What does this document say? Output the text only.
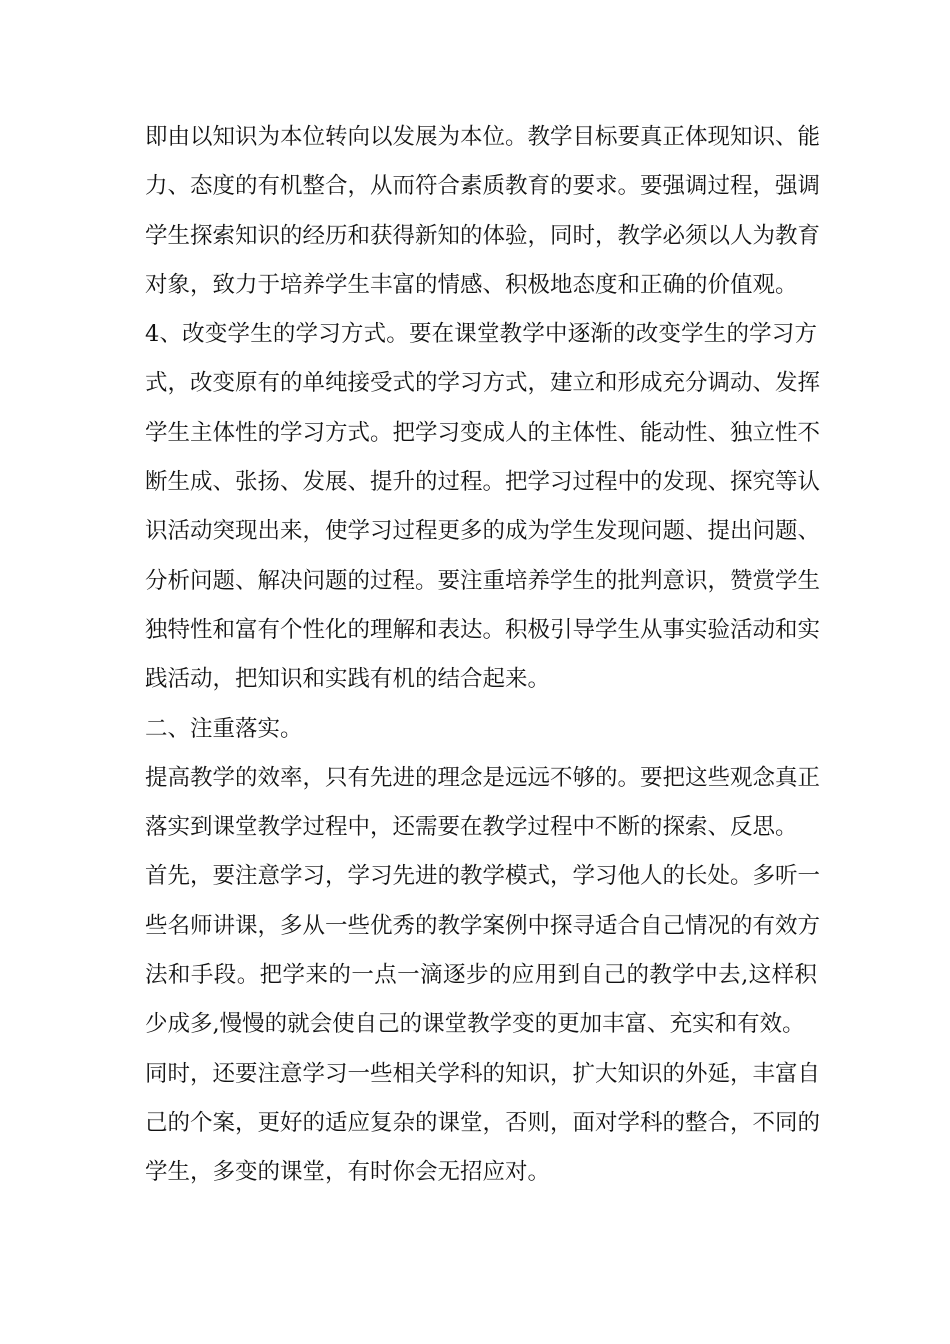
即由以知识为本位转向以发展为本位。教学目标要真正体现知识、能
力、态度的有机整合，从而符合素质教育的要求。要强调过程，强调
学生探索知识的经历和获得新知的体验，同时，教学必须以人为教育
对象，致力于培养学生丰富的情感、积极地态度和正确的价值观。
4、改变学生的学习方式。要在课堂教学中逐渐的改变学生的学习方
式，改变原有的单纯接受式的学习方式，建立和形成充分调动、发挥
学生主体性的学习方式。把学习变成人的主体性、能动性、独立性不
断生成、张扬、发展、提升的过程。把学习过程中的发现、探究等认
识活动突现出来，使学习过程更多的成为学生发现问题、提出问题、
分析问题、解决问题的过程。要注重培养学生的批判意识，赞赏学生
独特性和富有个性化的理解和表达。积极引导学生从事实验活动和实
践活动，把知识和实践有机的结合起来。
二、注重落实。
提高教学的效率，只有先进的理念是远远不够的。要把这些观念真正
落实到课堂教学过程中，还需要在教学过程中不断的探索、反思。
首先，要注意学习，学习先进的教学模式，学习他人的长处。多听一
些名师讲课，多从一些优秀的教学案例中探寻适合自己情况的有效方
法和手段。把学来的一点一滴逐步的应用到自己的教学中去,这样积
少成多,慢慢的就会使自己的课堂教学变的更加丰富、充实和有效。
同时，还要注意学习一些相关学科的知识，扩大知识的外延，丰富自
己的个案，更好的适应复杂的课堂，否则，面对学科的整合，不同的
学生，多变的课堂，有时你会无招应对。
